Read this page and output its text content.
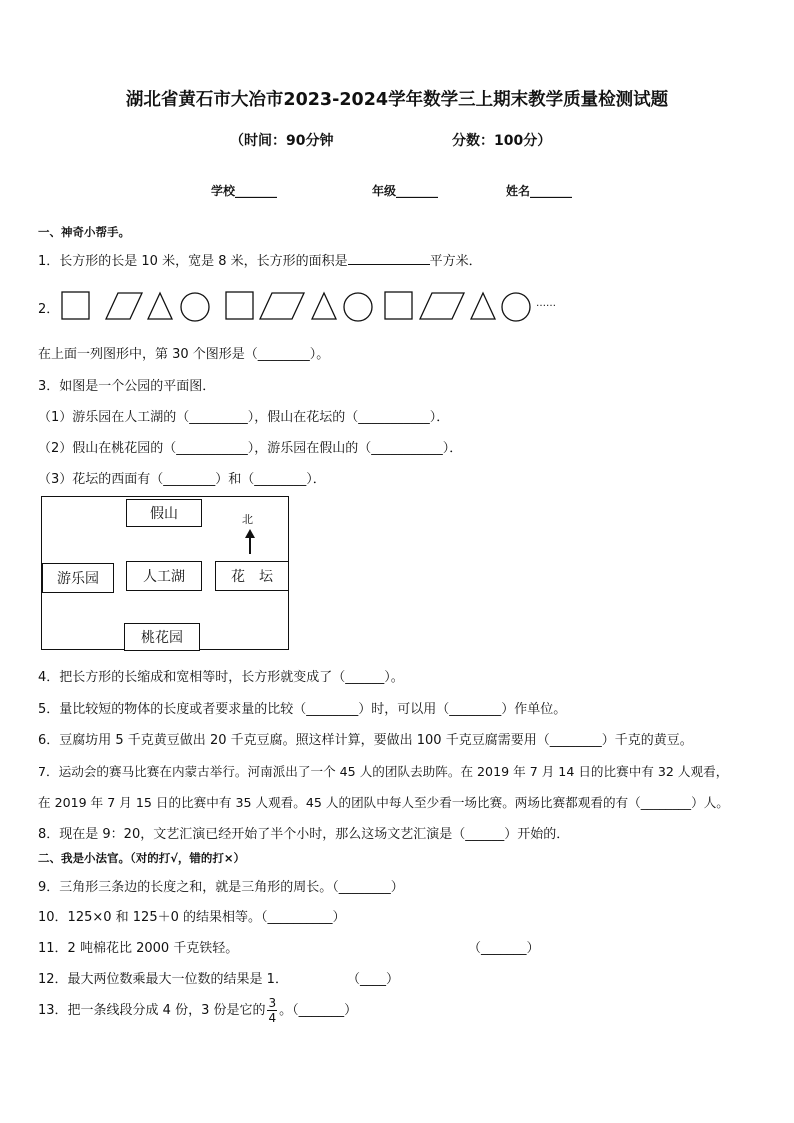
湖北省黄石市大冶市2023-2024学年数学三上期末教学质量检测试题
（时间：90分钟	分数：100分）
学校_______	年级_______	姓名_______
一、神奇小帮手。
1．长方形的长是 10 米，宽是 8 米，长方形的面积是	平方米．
2．	……
在上面一列图形中，第 30 个图形是（________）。
3．如图是一个公园的平面图．
（1）游乐园在人工湖的（_________），假山在花坛的（___________）．
（2）假山在桃花园的（___________），游乐园在假山的（___________）．
（3）花坛的西面有（________）和（________）．
假山	北
游乐园	人工湖	花　坛
桃花园
4．把长方形的长缩成和宽相等时，长方形就变成了（______）。
5．量比较短的物体的长度或者要求量的比较（________）时，可以用（________）作单位。
6．豆腐坊用 5 千克黄豆做出 20 千克豆腐。照这样计算，要做出 100 千克豆腐需要用（________）千克的黄豆。
7．运动会的赛马比赛在内蒙古举行。河南派出了一个 45 人的团队去助阵。在 2019 年 7 月 14 日的比赛中有 32 人观看，
在 2019 年 7 月 15 日的比赛中有 35 人观看。45 人的团队中每人至少看一场比赛。两场比赛都观看的有（________）人。
8．现在是 9：20，文艺汇演已经开始了半个小时，那么这场文艺汇演是（______）开始的．
二、我是小法官。（对的打√，错的打×）
9．三角形三条边的长度之和，就是三角形的周长。（________）
10．125×0 和 125＋0 的结果相等。（__________）
11．2 吨棉花比 2000 千克铁轻。	（_______）
12．最大两位数乘最大一位数的结果是 1．	（____）
13．把一条线段分成 4 份，3 份是它的 $\frac{3}{4}$ 。（_______）
